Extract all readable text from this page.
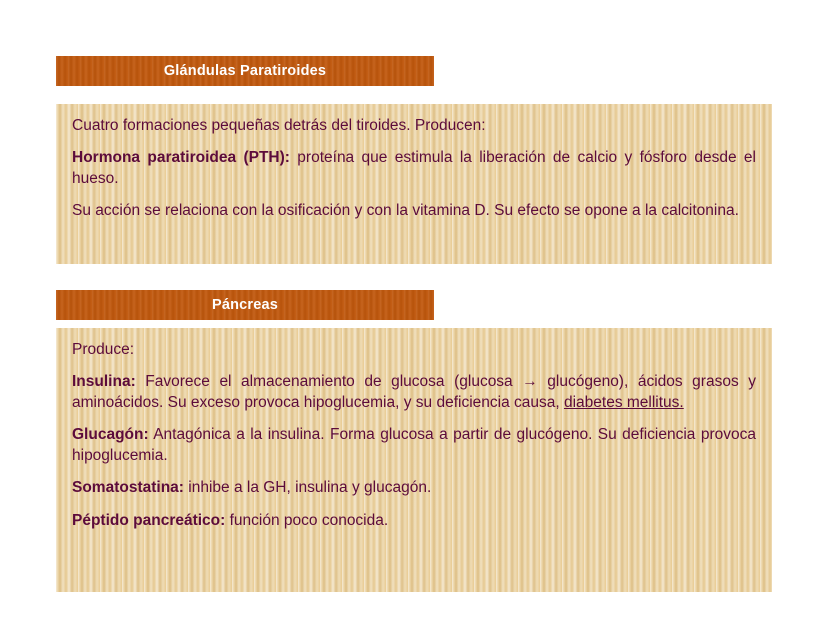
Glándulas Paratiroides

Cuatro formaciones pequeñas detrás del tiroides. Producen:

Hormona paratiroidea (PTH): proteína que estimula la liberación de calcio y fósforo desde el hueso.

Su acción se relaciona con la osificación y con la vitamina D. Su efecto se opone a la calcitonina.

Páncreas

Produce:

Insulina: Favorece el almacenamiento de glucosa (glucosa → glucógeno), ácidos grasos y aminoácidos. Su exceso provoca hipoglucemia, y su deficiencia causa, diabetes mellitus.

Glucagón: Antagónica a la insulina. Forma glucosa a partir de glucógeno. Su deficiencia provoca hipoglucemia.

Somatostatina: inhibe a la GH, insulina y glucagón.

Péptido pancreático: función poco conocida.
